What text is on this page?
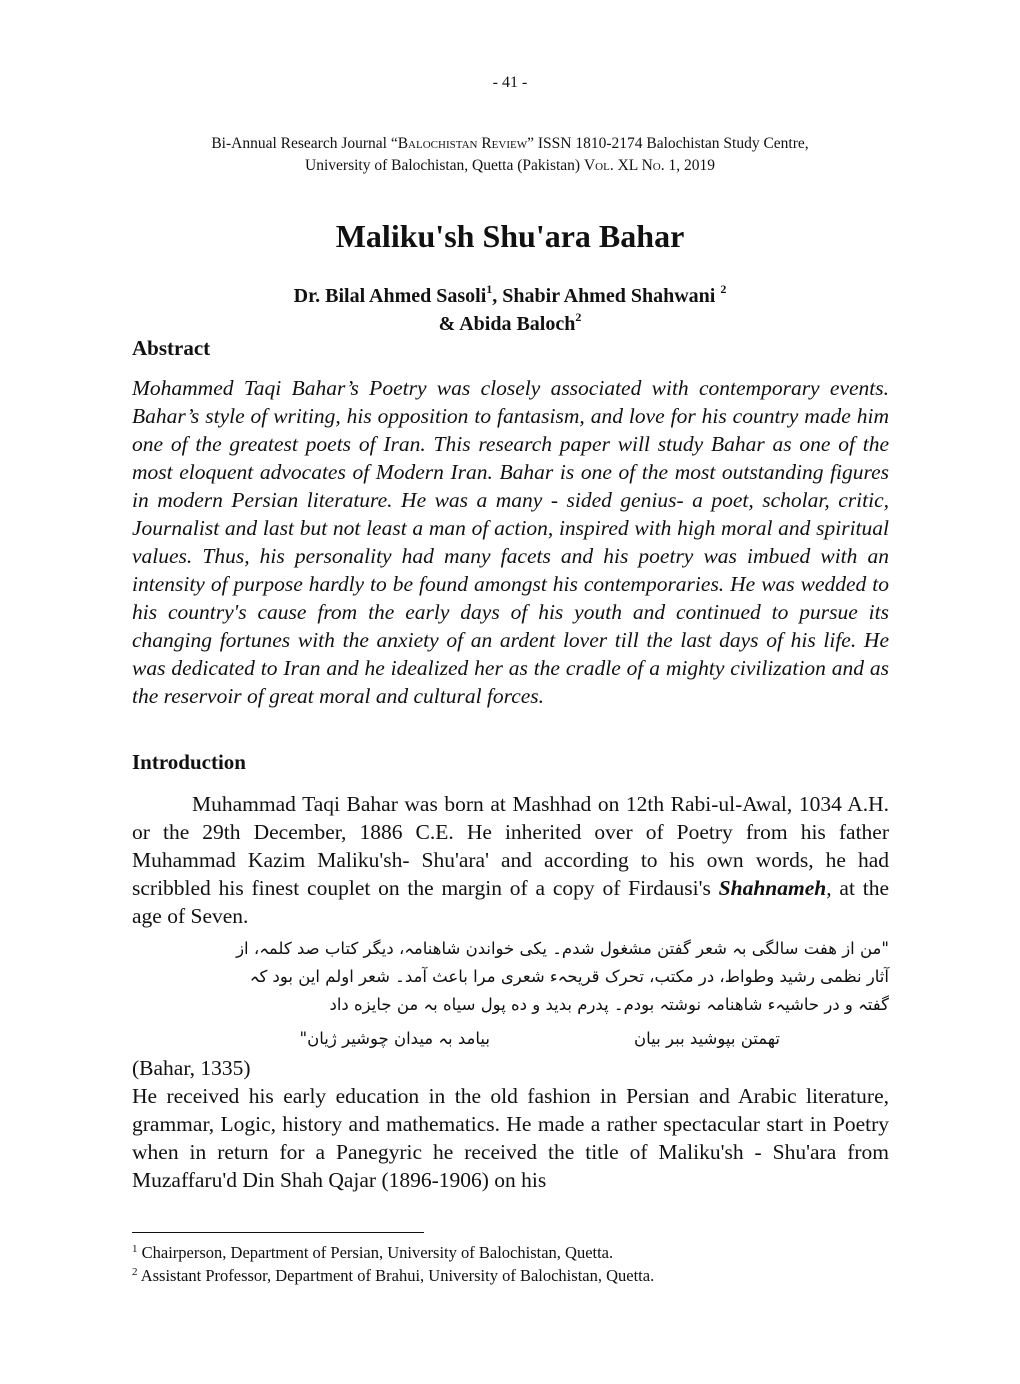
- 41 -
Bi-Annual Research Journal “Balochistan Review” ISSN 1810-2174 Balochistan Study Centre,
University of Balochistan, Quetta (Pakistan) Vol. XL No. 1, 2019
Maliku'sh Shu'ara Bahar
Dr. Bilal Ahmed Sasoli$^1$, Shabir Ahmed Shahwani $^2$
& Abida Baloch$^2$
Abstract
Mohammed Taqi Bahar’s Poetry was closely associated with contemporary events. Bahar’s style of writing, his opposition to fantasism, and love for his country made him one of the greatest poets of Iran. This research paper will study Bahar as one of the most eloquent advocates of Modern Iran. Bahar is one of the most outstanding figures in modern Persian literature. He was a many - sided genius- a poet, scholar, critic, Journalist and last but not least a man of action, inspired with high moral and spiritual values. Thus, his personality had many facets and his poetry was imbued with an intensity of purpose hardly to be found amongst his contemporaries. He was wedded to his country's cause from the early days of his youth and continued to pursue its changing fortunes with the anxiety of an ardent lover till the last days of his life. He was dedicated to Iran and he idealized her as the cradle of a mighty civilization and as the reservoir of great moral and cultural forces.
Introduction

Muhammad Taqi Bahar was born at Mashhad on 12th Rabi-ul-Awal, 1034 A.H. or the 29th December, 1886 C.E. He inherited over of Poetry from his father Muhammad Kazim Maliku'sh- Shu'ara' and according to his own words, he had scribbled his finest couplet on the margin of a copy of Firdausi's Shahnameh, at the age of Seven.

"من از هفت سالگی بہ شعر گفتن مشغول شدم۔ یکی خواندن شاهنامہ، دیگر کتاب صد کلمہ، از
آثار نظمی رشید وطواط، در مکتب، تحرک قریحہء شعری مرا باعث آمد۔ شعر اولم این بود کہ
گفتہ و در حاشیہء شاهنامہ نوشتہ بودم۔ پدرم بدید و ده پول سیاه بہ من جایزه داد
تهمتن بپوشید ببر بیان
بیامد بہ میدان چوشیر ژیان"

(Bahar, 1335)

He received his early education in the old fashion in Persian and Arabic literature, grammar, Logic, history and mathematics. He made a rather spectacular start in Poetry when in return for a Panegyric he received the title of Maliku'sh - Shu'ara from Muzaffaru'd Din Shah Qajar (1896-1906) on his

$^1$ Chairperson, Department of Persian, University of Balochistan, Quetta.
$^2$ Assistant Professor, Department of Brahui, University of Balochistan, Quetta.
